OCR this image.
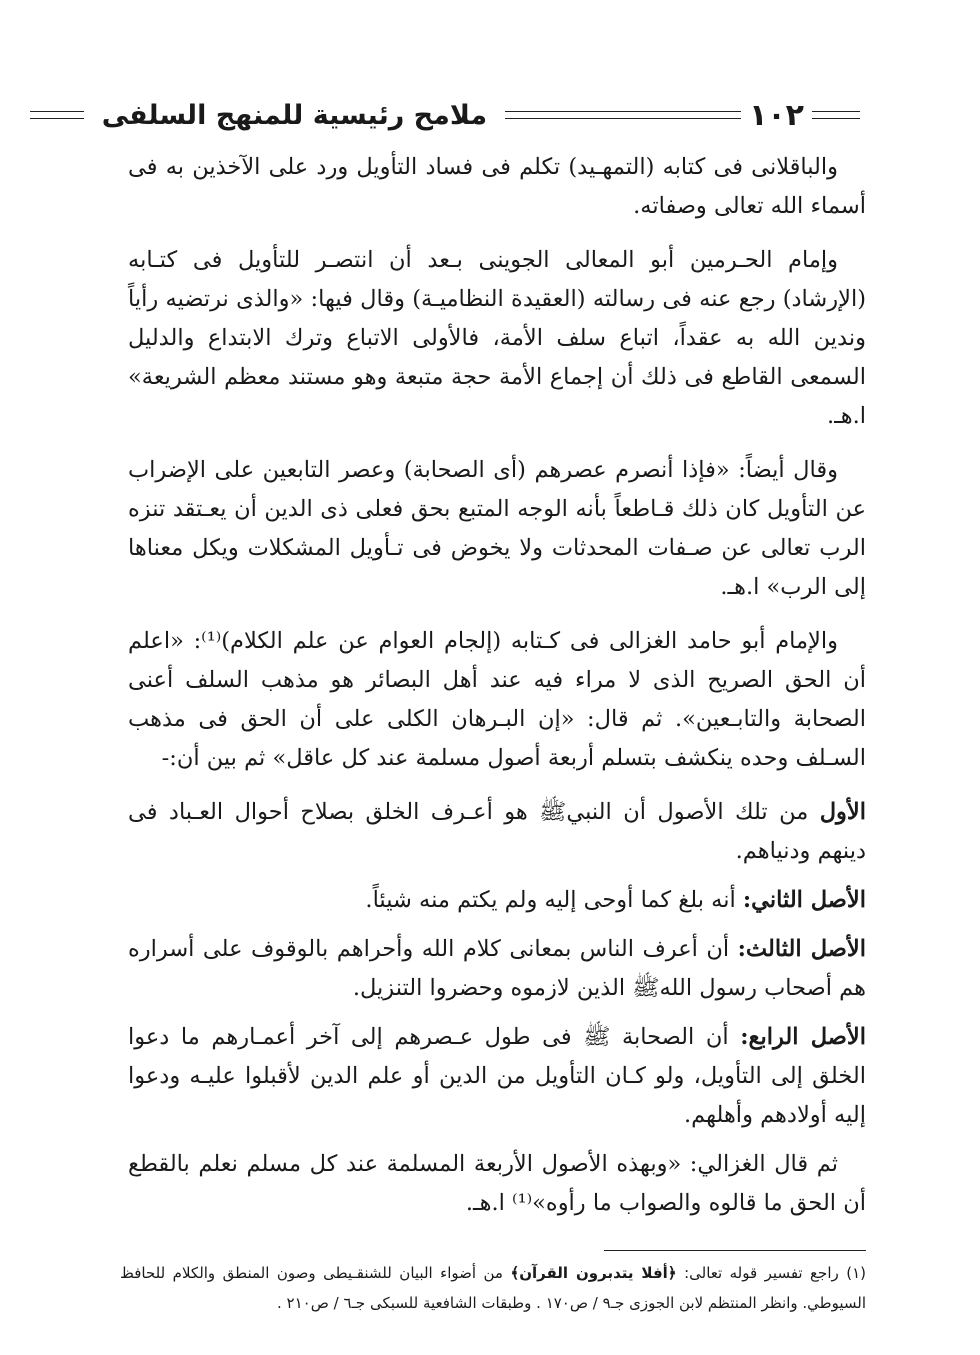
١٠٢
ملامح رئيسية للمنهج السلفى

والباقلانى فى كتابه (التمهـيد) تكلم فى فساد التأويل ورد على الآخذين به فى أسماء الله تعالى وصفاته.

وإمام الحـرمين أبو المعالى الجوينى بـعد أن انتصـر للتأويل فى كتـابه (الإرشاد) رجع عنه فى رسالته (العقيدة النظاميـة) وقال فيها: «والذى نرتضيه رأياً وندين الله به عقداً، اتباع سلف الأمة، فالأولى الاتباع وترك الابتداع والدليل السمعى القاطع فى ذلك أن إجماع الأمة حجة متبعة وهو مستند معظم الشريعة» ا.هـ.

وقال أيضاً: «فإذا أنصرم عصرهم (أى الصحابة) وعصر التابعين على الإضراب عن التأويل كان ذلك قـاطعاً بأنه الوجه المتبع بحق فعلى ذى الدين أن يعـتقد تنزه الرب تعالى عن صـفات المحدثات ولا يخوض فى تـأويل المشكلات ويكل معناها إلى الرب» ا.هـ.

والإمام أبو حامد الغزالى فى كـتابه (إلجام العوام عن علم الكلام)⁽¹⁾: «اعلم أن الحق الصريح الذى لا مراء فيه عند أهل البصائر هو مذهب السلف أعنى الصحابة والتابـعين». ثم قال: «إن البـرهان الكلى على أن الحق فى مذهب السـلف وحده ينكشف بتسلم أربعة أصول مسلمة عند كل عاقل» ثم بين أن:-

الأول من تلك الأصول أن النبيﷺ هو أعـرف الخلق بصلاح أحوال العـباد فى دينهم ودنياهم.

الأصل الثاني: أنه بلغ كما أوحى إليه ولم يكتم منه شيئاً.

الأصل الثالث: أن أعرف الناس بمعانى كلام الله وأحراهم بالوقوف على أسراره هم أصحاب رسول اللهﷺ الذين لازموه وحضروا التنزيل.

الأصل الرابع: أن الصحابة ﷺ فى طول عـصرهم إلى آخر أعمـارهم ما دعوا الخلق إلى التأويل، ولو كـان التأويل من الدين أو علم الدين لأقبلوا عليـه ودعوا إليه أولادهم وأهلهم.

ثم قال الغزالي: «وبهذه الأصول الأربعة المسلمة عند كل مسلم نعلم بالقطع أن الحق ما قالوه والصواب ما رأوه»⁽¹⁾ ا.هـ.

(١) راجع تفسير قوله تعالى: ﴿أفلا يتدبرون القرآن﴾ من أضواء البيان للشنقـيطى وصون المنطق والكلام للحافظ السيوطي. وانظر المنتظم لابن الجوزى جـ٩ / ص١٧٠ . وطبقات الشافعية للسبكى جـ٦ / ص٢١٠ .
